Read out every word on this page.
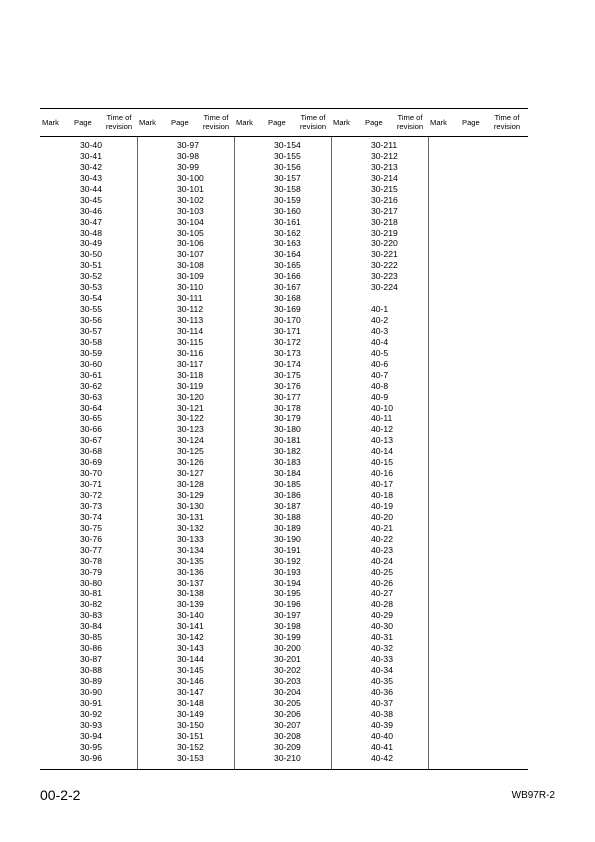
Mark Page Time of
revision Mark Page Time of
revision Mark Page Time of
revision Mark Page Time of
revision Mark Page Time of
revision
30-40
30-41
30-42
30-43
30-44
30-45
30-46
30-47
30-48
30-49
30-50
30-51
30-52
30-53
30-54
30-55
30-56
30-57
30-58
30-59
30-60
30-61
30-62
30-63
30-64
30-65
30-66
30-67
30-68
30-69
30-70
30-71
30-72
30-73
30-74
30-75
30-76
30-77
30-78
30-79
30-80
30-81
30-82
30-83
30-84
30-85
30-86
30-87
30-88
30-89
30-90
30-91
30-92
30-93
30-94
30-95
30-96
30-97
30-98
30-99
30-100
30-101
30-102
30-103
30-104
30-105
30-106
30-107
30-108
30-109
30-110
30-111
30-112
30-113
30-114
30-115
30-116
30-117
30-118
30-119
30-120
30-121
30-122
30-123
30-124
30-125
30-126
30-127
30-128
30-129
30-130
30-131
30-132
30-133
30-134
30-135
30-136
30-137
30-138
30-139
30-140
30-141
30-142
30-143
30-144
30-145
30-146
30-147
30-148
30-149
30-150
30-151
30-152
30-153
30-154
30-155
30-156
30-157
30-158
30-159
30-160
30-161
30-162
30-163
30-164
30-165
30-166
30-167
30-168
30-169
30-170
30-171
30-172
30-173
30-174
30-175
30-176
30-177
30-178
30-179
30-180
30-181
30-182
30-183
30-184
30-185
30-186
30-187
30-188
30-189
30-190
30-191
30-192
30-193
30-194
30-195
30-196
30-197
30-198
30-199
30-200
30-201
30-202
30-203
30-204
30-205
30-206
30-207
30-208
30-209
30-210
30-211
30-212
30-213
30-214
30-215
30-216
30-217
30-218
30-219
30-220
30-221
30-222
30-223
30-224
40-1
40-2
40-3
40-4
40-5
40-6
40-7
40-8
40-9
40-10
40-11
40-12
40-13
40-14
40-15
40-16
40-17
40-18
40-19
40-20
40-21
40-22
40-23
40-24
40-25
40-26
40-27
40-28
40-29
40-30
40-31
40-32
40-33
40-34
40-35
40-36
40-37
40-38
40-39
40-40
40-41
40-42
00-2-2	WB97R-2
